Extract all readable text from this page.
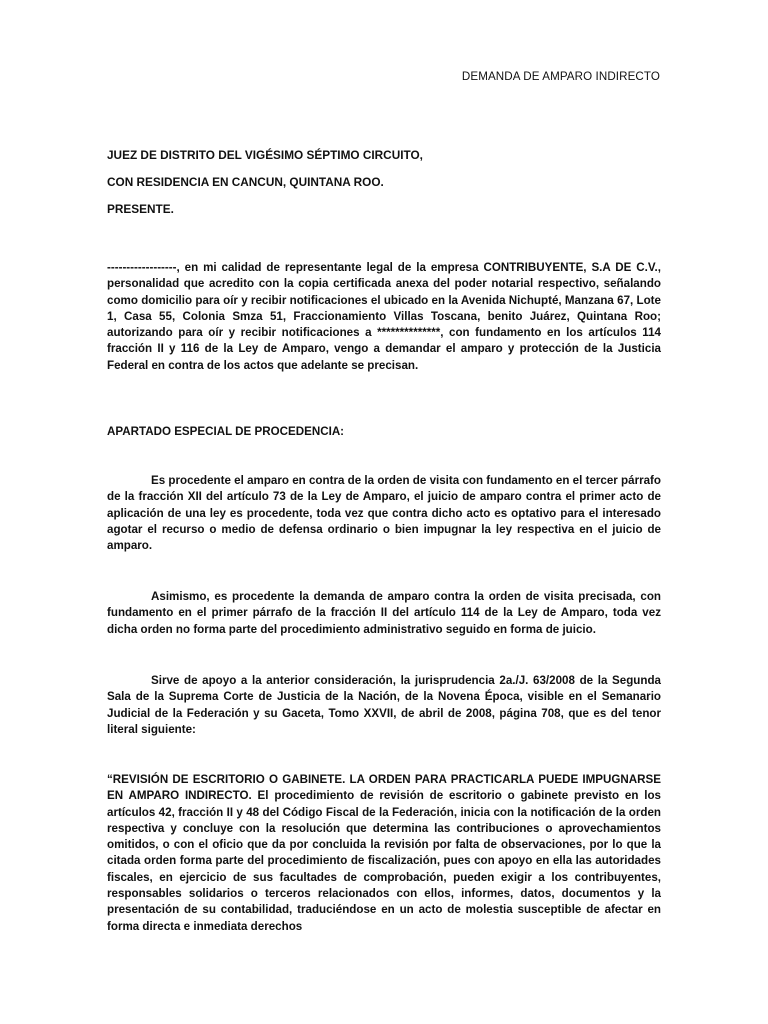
DEMANDA DE AMPARO INDIRECTO
JUEZ DE DISTRITO DEL VIGÉSIMO SÉPTIMO CIRCUITO,
CON RESIDENCIA EN CANCUN, QUINTANA ROO.
PRESENTE.

------------------, en mi calidad de representante legal de la empresa CONTRIBUYENTE, S.A DE C.V., personalidad que acredito con la copia certificada anexa del poder notarial respectivo, señalando como domicilio para oír y recibir notificaciones el ubicado en la Avenida Nichupté, Manzana 67, Lote 1, Casa 55, Colonia Smza 51, Fraccionamiento Villas Toscana, benito Juárez, Quintana Roo; autorizando para oír y recibir notificaciones a **************, con fundamento en los artículos 114 fracción II y 116 de la Ley de Amparo, vengo a demandar el amparo y protección de la Justicia Federal en contra de los actos que adelante se precisan.

APARTADO ESPECIAL DE PROCEDENCIA:

Es procedente el amparo en contra de la orden de visita con fundamento en el tercer párrafo de la fracción XII del artículo 73 de la Ley de Amparo, el juicio de amparo contra el primer acto de aplicación de una ley es procedente, toda vez que contra dicho acto es optativo para el interesado agotar el recurso o medio de defensa ordinario o bien impugnar la ley respectiva en el juicio de amparo.

Asimismo, es procedente la demanda de amparo contra la orden de visita precisada, con fundamento en el primer párrafo de la fracción II del artículo 114 de la Ley de Amparo, toda vez dicha orden no forma parte del procedimiento administrativo seguido en forma de juicio.

Sirve de apoyo a la anterior consideración, la jurisprudencia 2a./J. 63/2008 de la Segunda Sala de la Suprema Corte de Justicia de la Nación, de la Novena Época, visible en el Semanario Judicial de la Federación y su Gaceta, Tomo XXVII, de abril de 2008, página 708, que es del tenor literal siguiente:

“REVISIÓN DE ESCRITORIO O GABINETE. LA ORDEN PARA PRACTICARLA PUEDE IMPUGNARSE EN AMPARO INDIRECTO. El procedimiento de revisión de escritorio o gabinete previsto en los artículos 42, fracción II y 48 del Código Fiscal de la Federación, inicia con la notificación de la orden respectiva y concluye con la resolución que determina las contribuciones o aprovechamientos omitidos, o con el oficio que da por concluida la revisión por falta de observaciones, por lo que la citada orden forma parte del procedimiento de fiscalización, pues con apoyo en ella las autoridades fiscales, en ejercicio de sus facultades de comprobación, pueden exigir a los contribuyentes, responsables solidarios o terceros relacionados con ellos, informes, datos, documentos y la presentación de su contabilidad, traduciéndose en un acto de molestia susceptible de afectar en forma directa e inmediata derechos
